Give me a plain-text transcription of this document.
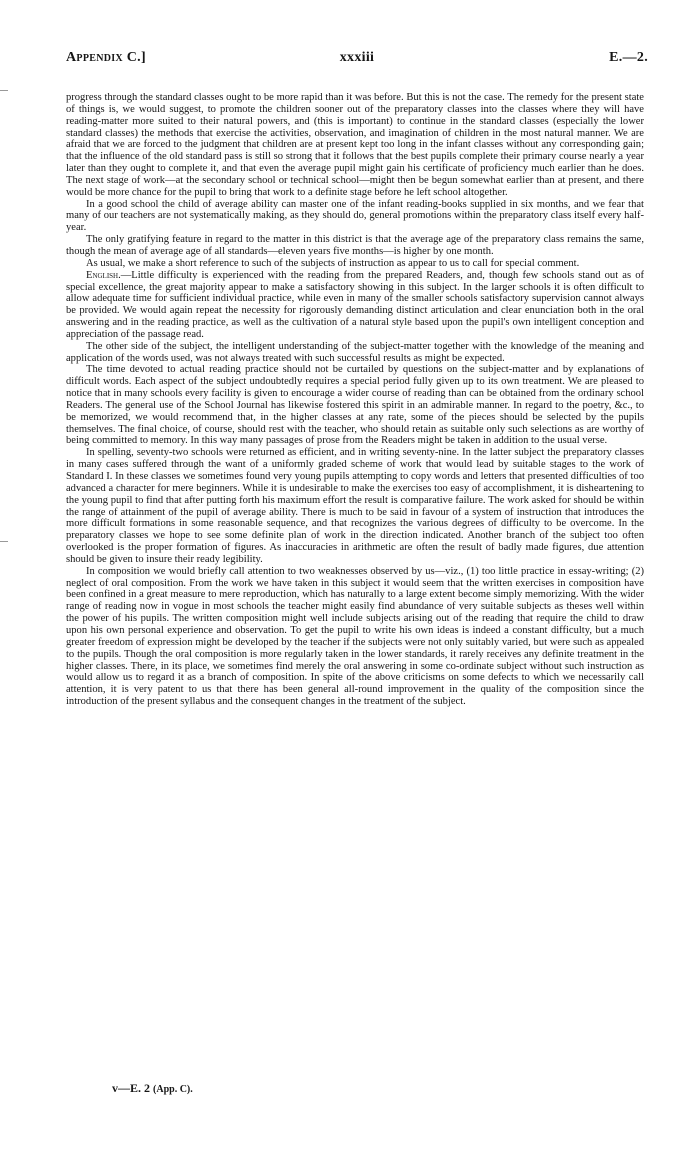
Appendix C.]	xxxiii	E.—2.

progress through the standard classes ought to be more rapid than it was before. But this is not the case. The remedy for the present state of things is, we would suggest, to promote the children sooner out of the preparatory classes into the classes where they will have reading-matter more suited to their natural powers, and (this is important) to continue in the standard classes (especially the lower standard classes) the methods that exercise the activities, observation, and imagination of children in the most natural manner. We are afraid that we are forced to the judgment that children are at present kept too long in the infant classes without any corresponding gain; that the influence of the old standard pass is still so strong that it follows that the best pupils complete their primary course nearly a year later than they ought to complete it, and that even the average pupil might gain his certificate of proficiency much earlier than he does. The next stage of work—at the secondary school or technical school—might then be begun somewhat earlier than at present, and there would be more chance for the pupil to bring that work to a definite stage before he left school altogether.

In a good school the child of average ability can master one of the infant reading-books supplied in six months, and we fear that many of our teachers are not systematically making, as they should do, general promotions within the preparatory class itself every half-year.

The only gratifying feature in regard to the matter in this district is that the average age of the preparatory class remains the same, though the mean of average age of all standards—eleven years five months—is higher by one month.

As usual, we make a short reference to such of the subjects of instruction as appear to us to call for special comment.

English.—Little difficulty is experienced with the reading from the prepared Readers, and, though few schools stand out as of special excellence, the great majority appear to make a satisfactory showing in this subject. In the larger schools it is often difficult to allow adequate time for sufficient individual practice, while even in many of the smaller schools satisfactory supervision cannot always be provided. We would again repeat the necessity for rigorously demanding distinct articulation and clear enunciation both in the oral answering and in the reading practice, as well as the cultivation of a natural style based upon the pupil's own intelligent conception and appreciation of the passage read.

The other side of the subject, the intelligent understanding of the subject-matter together with the knowledge of the meaning and application of the words used, was not always treated with such successful results as might be expected.

The time devoted to actual reading practice should not be curtailed by questions on the subject-matter and by explanations of difficult words. Each aspect of the subject undoubtedly requires a special period fully given up to its own treatment. We are pleased to notice that in many schools every facility is given to encourage a wider course of reading than can be obtained from the ordinary school Readers. The general use of the School Journal has likewise fostered this spirit in an admirable manner. In regard to the poetry, &c., to be memorized, we would recommend that, in the higher classes at any rate, some of the pieces should be selected by the pupils themselves. The final choice, of course, should rest with the teacher, who should retain as suitable only such selections as are worthy of being committed to memory. In this way many passages of prose from the Readers might be taken in addition to the usual verse.

In spelling, seventy-two schools were returned as efficient, and in writing seventy-nine. In the latter subject the preparatory classes in many cases suffered through the want of a uniformly graded scheme of work that would lead by suitable stages to the work of Standard I. In these classes we sometimes found very young pupils attempting to copy words and letters that presented difficulties of too advanced a character for mere beginners. While it is undesirable to make the exercises too easy of accomplishment, it is disheartening to the young pupil to find that after putting forth his maximum effort the result is comparative failure. The work asked for should be within the range of attainment of the pupil of average ability. There is much to be said in favour of a system of instruction that introduces the more difficult formations in some reasonable sequence, and that recognizes the various degrees of difficulty to be overcome. In the preparatory classes we hope to see some definite plan of work in the direction indicated. Another branch of the subject too often overlooked is the proper formation of figures. As inaccuracies in arithmetic are often the result of badly made figures, due attention should be given to insure their ready legibility.

In composition we would briefly call attention to two weaknesses observed by us—viz., (1) too little practice in essay-writing; (2) neglect of oral composition. From the work we have taken in this subject it would seem that the written exercises in composition have been confined in a great measure to mere reproduction, which has naturally to a large extent become simply memorizing. With the wider range of reading now in vogue in most schools the teacher might easily find abundance of very suitable subjects as theses well within the power of his pupils. The written composition might well include subjects arising out of the reading that require the child to draw upon his own personal experience and observation. To get the pupil to write his own ideas is indeed a constant difficulty, but a much greater freedom of expression might be developed by the teacher if the subjects were not only suitably varied, but were such as appealed to the pupils. Though the oral composition is more regularly taken in the lower standards, it rarely receives any definite treatment in the higher classes. There, in its place, we sometimes find merely the oral answering in some co-ordinate subject without such instruction as would allow us to regard it as a branch of composition. In spite of the above criticisms on some defects to which we necessarily call attention, it is very patent to us that there has been general all-round improvement in the quality of the composition since the introduction of the present syllabus and the consequent changes in the treatment of the subject.

v—E. 2 (App. C).
